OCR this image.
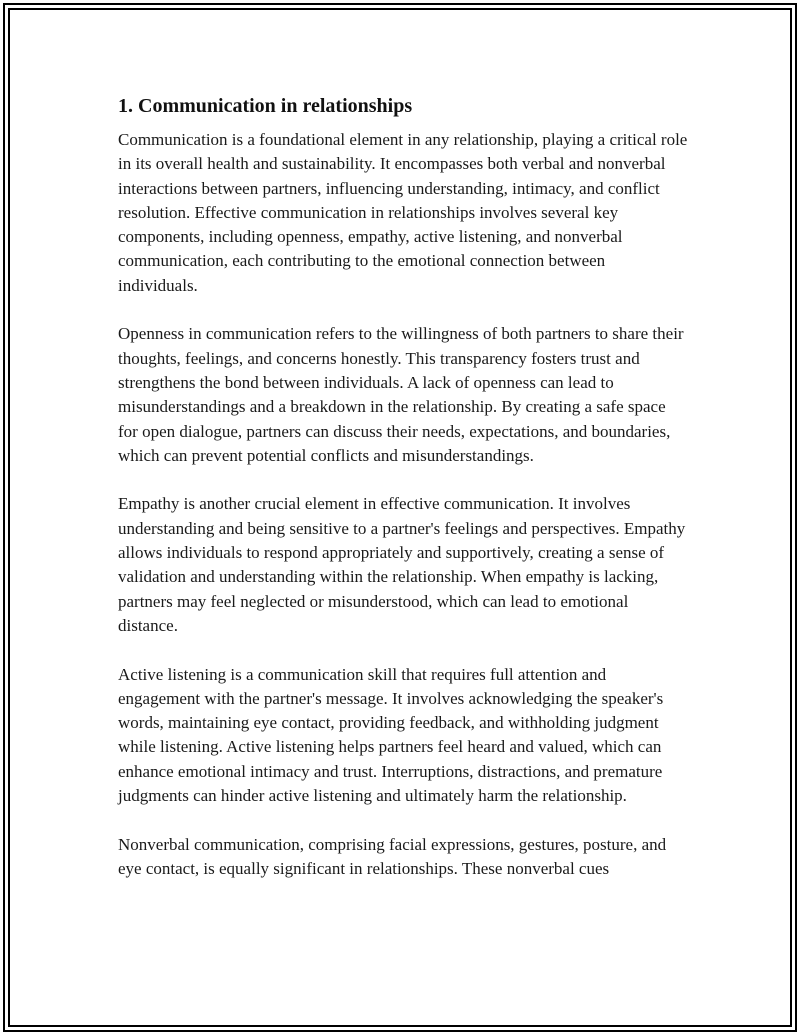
1. Communication in relationships

Communication is a foundational element in any relationship, playing a critical role in its overall health and sustainability. It encompasses both verbal and nonverbal interactions between partners, influencing understanding, intimacy, and conflict resolution. Effective communication in relationships involves several key components, including openness, empathy, active listening, and nonverbal communication, each contributing to the emotional connection between individuals.

Openness in communication refers to the willingness of both partners to share their thoughts, feelings, and concerns honestly. This transparency fosters trust and strengthens the bond between individuals. A lack of openness can lead to misunderstandings and a breakdown in the relationship. By creating a safe space for open dialogue, partners can discuss their needs, expectations, and boundaries, which can prevent potential conflicts and misunderstandings.

Empathy is another crucial element in effective communication. It involves understanding and being sensitive to a partner's feelings and perspectives. Empathy allows individuals to respond appropriately and supportively, creating a sense of validation and understanding within the relationship. When empathy is lacking, partners may feel neglected or misunderstood, which can lead to emotional distance.

Active listening is a communication skill that requires full attention and engagement with the partner's message. It involves acknowledging the speaker's words, maintaining eye contact, providing feedback, and withholding judgment while listening. Active listening helps partners feel heard and valued, which can enhance emotional intimacy and trust. Interruptions, distractions, and premature judgments can hinder active listening and ultimately harm the relationship.

Nonverbal communication, comprising facial expressions, gestures, posture, and eye contact, is equally significant in relationships. These nonverbal cues
